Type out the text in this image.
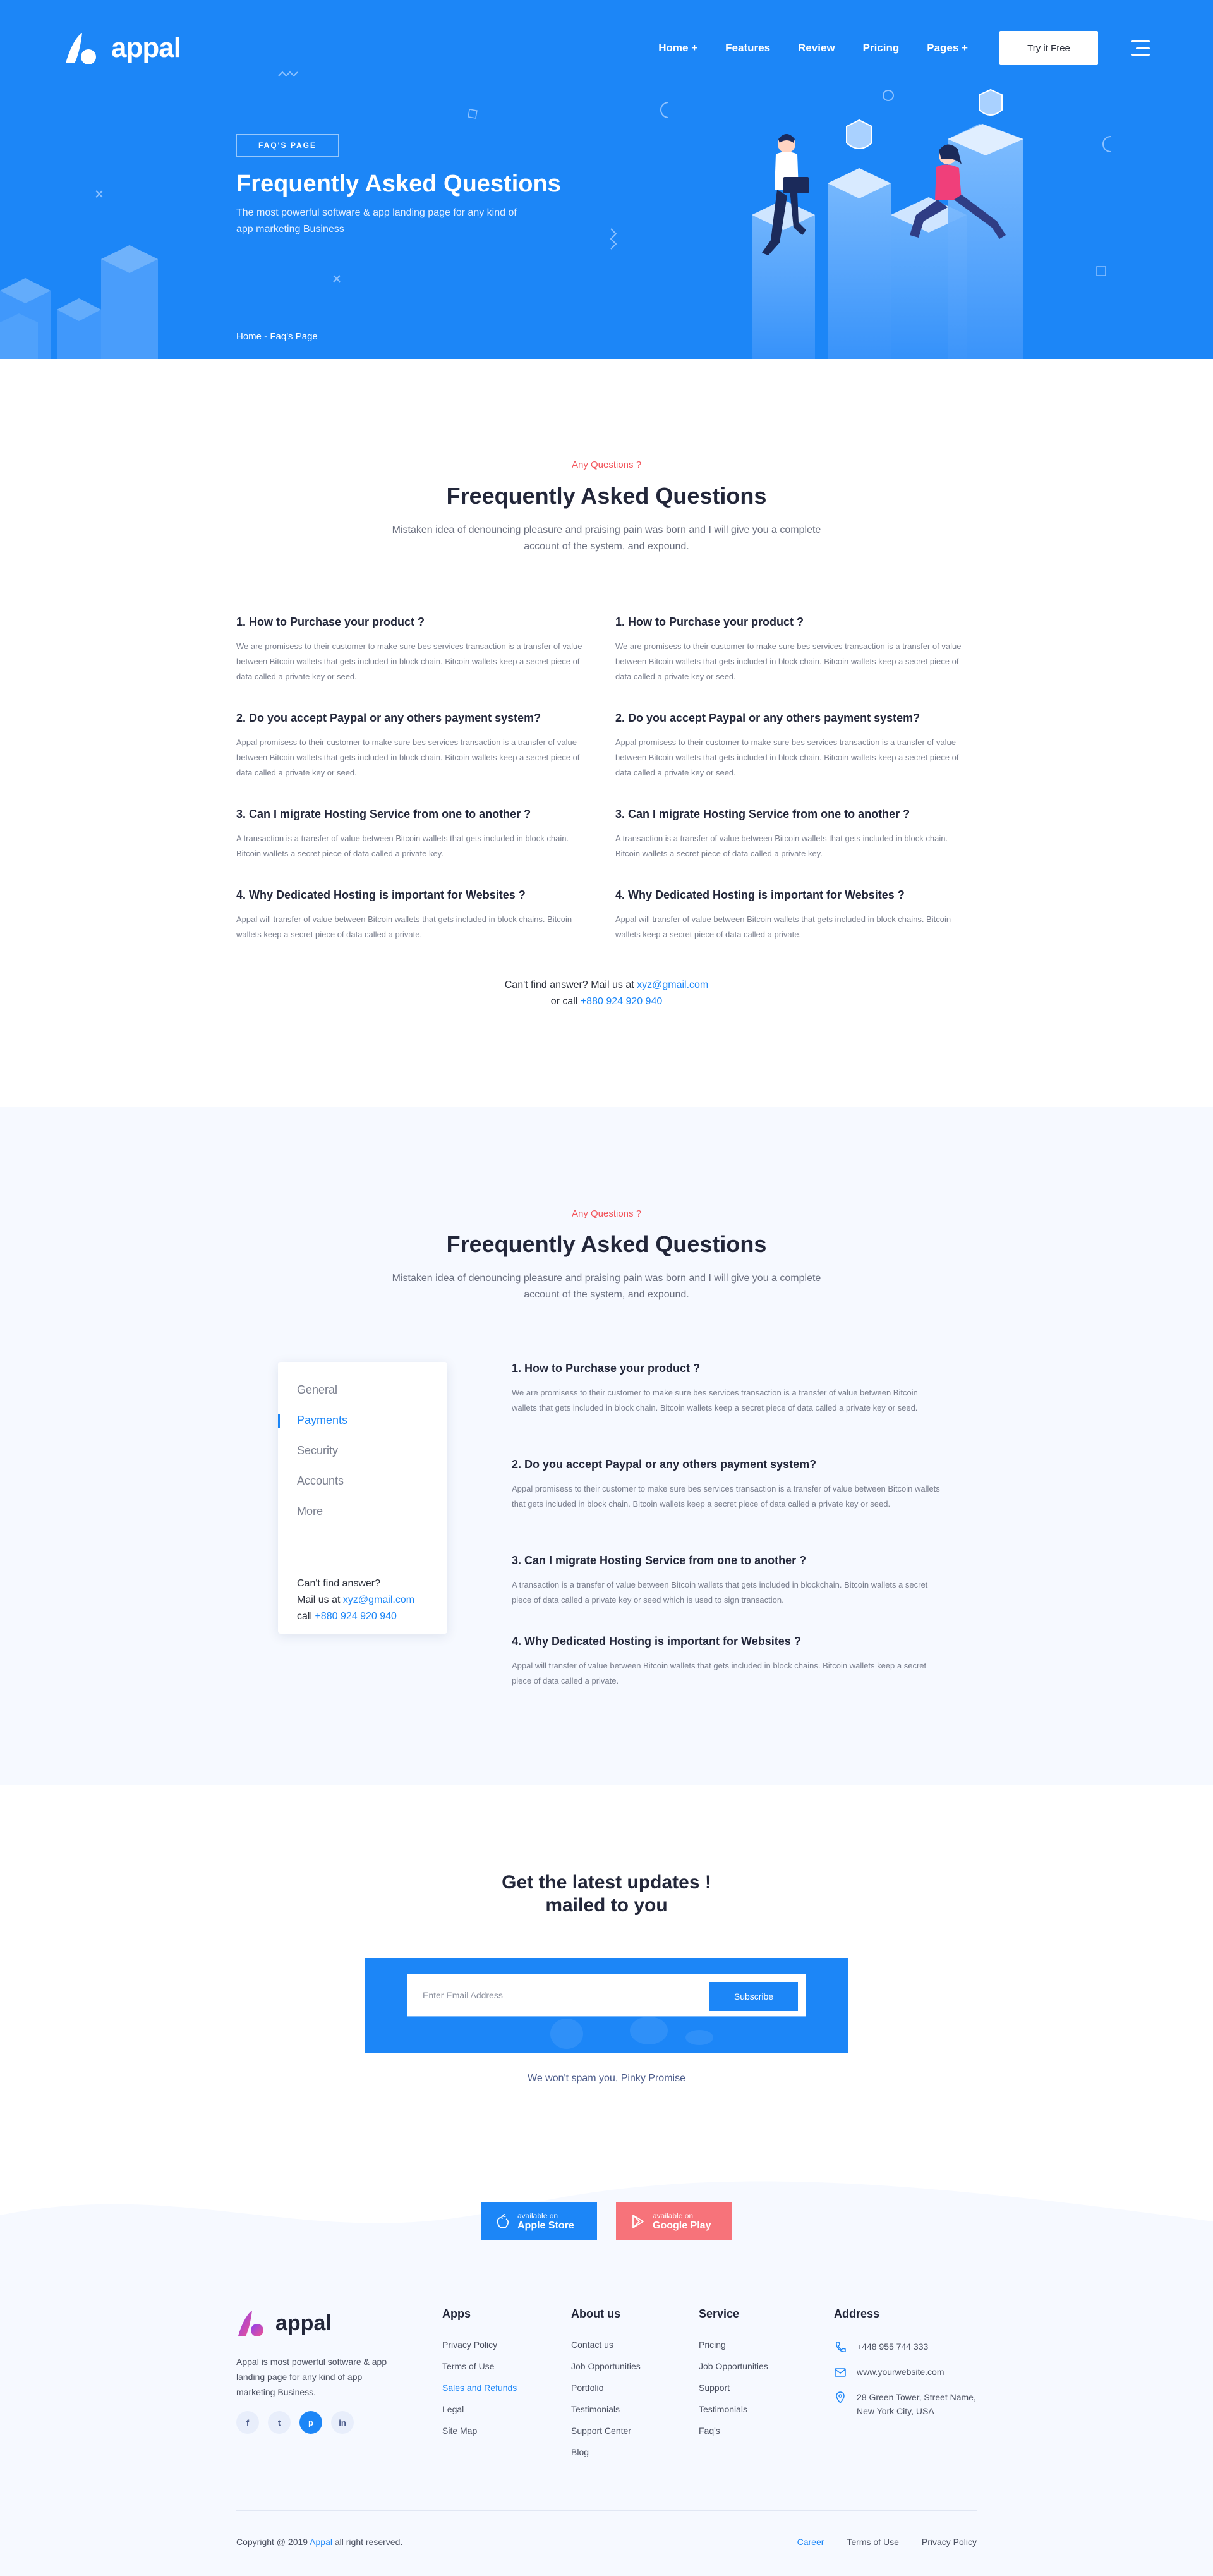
appal	Home +	Features	Review	Pricing	Pages +	Try it Free
FAQ'S PAGE
Frequently Asked Questions

The most powerful software & app landing page for any kind of app marketing Business

Home - Faq's Page
Any Questions ?
Freequently Asked Questions

Mistaken idea of denouncing pleasure and praising pain was born and I will give you a complete account of the system, and expound.

1. How to Purchase your product ?
We are promisess to their customer to make sure bes services transaction is a transfer of value between Bitcoin wallets that gets included in block chain. Bitcoin wallets keep a secret piece of data called a private key or seed.
2. Do you accept Paypal or any others payment system?
Appal promisess to their customer to make sure bes services transaction is a transfer of value between Bitcoin wallets that gets included in block chain. Bitcoin wallets keep a secret piece of data called a private key or seed.
3. Can I migrate Hosting Service from one to another ?
A transaction is a transfer of value between Bitcoin wallets that gets included in block chain. Bitcoin wallets a secret piece of data called a private key.
4. Why Dedicated Hosting is important for Websites ?
Appal will transfer of value between Bitcoin wallets that gets included in block chains. Bitcoin wallets keep a secret piece of data called a private.
1. How to Purchase your product ?
We are promisess to their customer to make sure bes services transaction is a transfer of value between Bitcoin wallets that gets included in block chain. Bitcoin wallets keep a secret piece of data called a private key or seed.
2. Do you accept Paypal or any others payment system?
Appal promisess to their customer to make sure bes services transaction is a transfer of value between Bitcoin wallets that gets included in block chain. Bitcoin wallets keep a secret piece of data called a private key or seed.
3. Can I migrate Hosting Service from one to another ?
A transaction is a transfer of value between Bitcoin wallets that gets included in block chain. Bitcoin wallets a secret piece of data called a private key.
4. Why Dedicated Hosting is important for Websites ?
Appal will transfer of value between Bitcoin wallets that gets included in block chains. Bitcoin wallets keep a secret piece of data called a private.
Can't find answer? Mail us at xyz@gmail.com
or call +880 924 920 940
Any Questions ?
Freequently Asked Questions

Mistaken idea of denouncing pleasure and praising pain was born and I will give you a complete account of the system, and expound.

General
Payments
Security
Accounts
More
Can't find answer?
Mail us at xyz@gmail.com
call +880 924 920 940
1. How to Purchase your product ?
We are promisess to their customer to make sure bes services transaction is a transfer of value between Bitcoin wallets that gets included in block chain. Bitcoin wallets keep a secret piece of data called a private key or seed.
2. Do you accept Paypal or any others payment system?
Appal promisess to their customer to make sure bes services transaction is a transfer of value between Bitcoin wallets that gets included in block chain. Bitcoin wallets keep a secret piece of data called a private key or seed.
3. Can I migrate Hosting Service from one to another ?
A transaction is a transfer of value between Bitcoin wallets that gets included in blockchain. Bitcoin wallets a secret piece of data called a private key or seed which is used to sign transaction.
4. Why Dedicated Hosting is important for Websites ?
Appal will transfer of value between Bitcoin wallets that gets included in block chains. Bitcoin wallets keep a secret piece of data called a private.
Get the latest updates !
mailed to you
Enter Email Address
Subscribe

We won't spam you, Pinky Promise

available on
Apple Store
available on
Google Play
appal

Appal is most powerful software & app landing page for any kind of app marketing Business.

f	t	p	in
Apps
Privacy Policy
Terms of Use
Sales and Refunds
Legal
Site Map
About us
Contact us
Job Opportunities
Portfolio
Testimonials
Support Center
Blog
Service
Pricing
Job Opportunities
Support
Testimonials
Faq's
Address
+448 955 744 333
www.yourwebsite.com
28 Green Tower, Street Name, New York City, USA
Copyright @ 2019 Appal all right reserved.	Career	Terms of Use	Privacy Policy
